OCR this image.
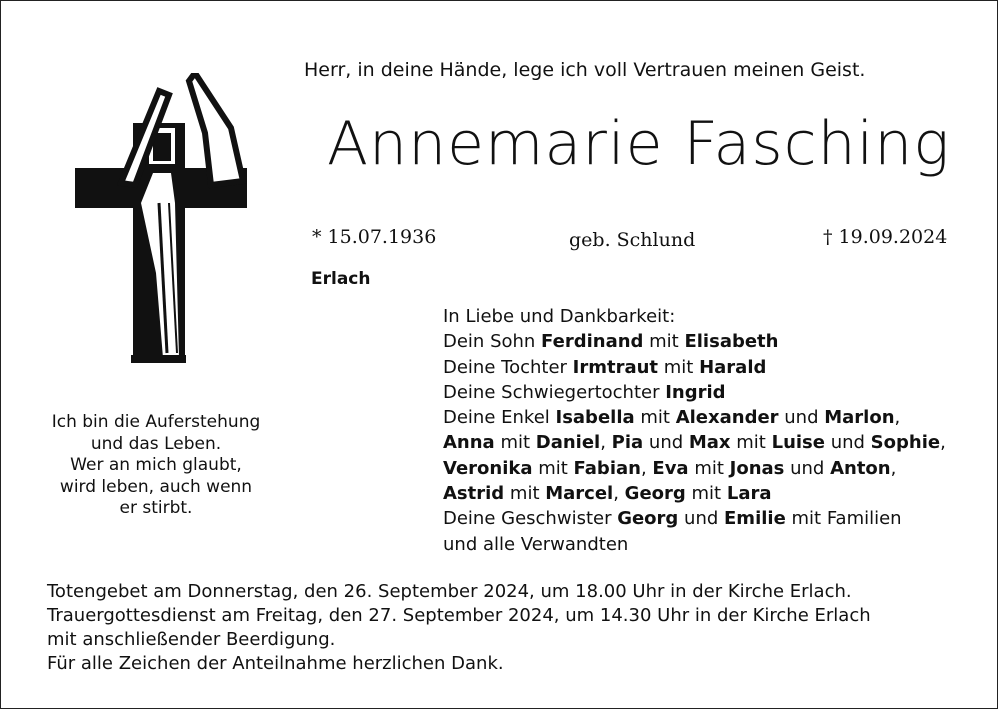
Ich bin die Auferstehung
und das Leben.
Wer an mich glaubt,
wird leben, auch wenn
er stirbt.
Herr, in deine Hände, lege ich voll Vertrauen meinen Geist.
Annemarie Fasching
* 15.07.1936	geb. Schlund	† 19.09.2024
Erlach
In Liebe und Dankbarkeit:
Dein Sohn Ferdinand mit Elisabeth
Deine Tochter Irmtraut mit Harald
Deine Schwiegertochter Ingrid
Deine Enkel Isabella mit Alexander und Marlon,
Anna mit Daniel, Pia und Max mit Luise und Sophie,
Veronika mit Fabian, Eva mit Jonas und Anton,
Astrid mit Marcel, Georg mit Lara
Deine Geschwister Georg und Emilie mit Familien
und alle Verwandten
Totengebet am Donnerstag, den 26. September 2024, um 18.00 Uhr in der Kirche Erlach.
Trauergottesdienst am Freitag, den 27. September 2024, um 14.30 Uhr in der Kirche Erlach
mit anschließender Beerdigung.
Für alle Zeichen der Anteilnahme herzlichen Dank.
